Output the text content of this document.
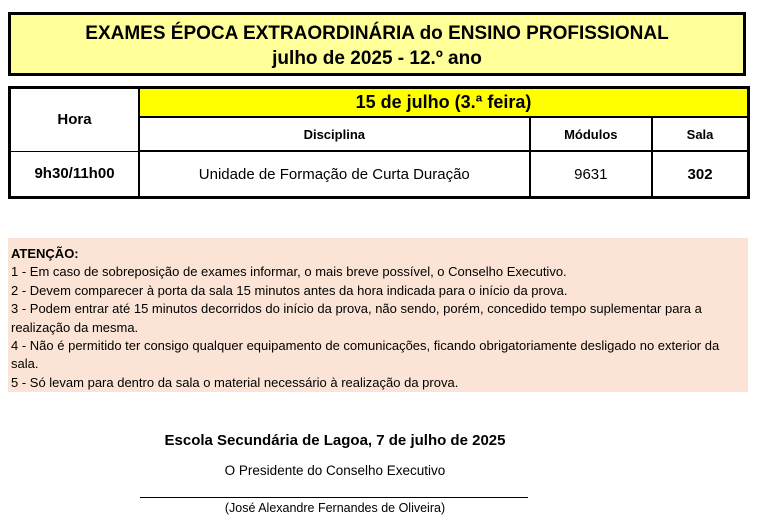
EXAMES ÉPOCA EXTRAORDINÁRIA do ENSINO PROFISSIONAL
julho de 2025 - 12.º ano
Hora	15 de julho (3.ª feira)		
	Disciplina	Módulos	Sala
9h30/11h00	Unidade de Formação de Curta Duração	9631	302
ATENÇÃO:
1 - Em caso de sobreposição de exames informar, o mais breve possível, o Conselho Executivo.
2 - Devem comparecer à porta da sala 15 minutos antes da hora indicada para o início da prova.
3 - Podem entrar até 15 minutos decorridos do início da prova, não sendo, porém, concedido tempo suplementar para a realização da mesma.
4 - Não é permitido ter consigo qualquer equipamento de comunicações, ficando obrigatoriamente desligado no exterior da sala.
5 - Só levam para dentro da sala o material necessário à realização da prova.
Escola Secundária de Lagoa, 7 de julho de 2025
O Presidente do Conselho Executivo
(José Alexandre Fernandes de Oliveira)
